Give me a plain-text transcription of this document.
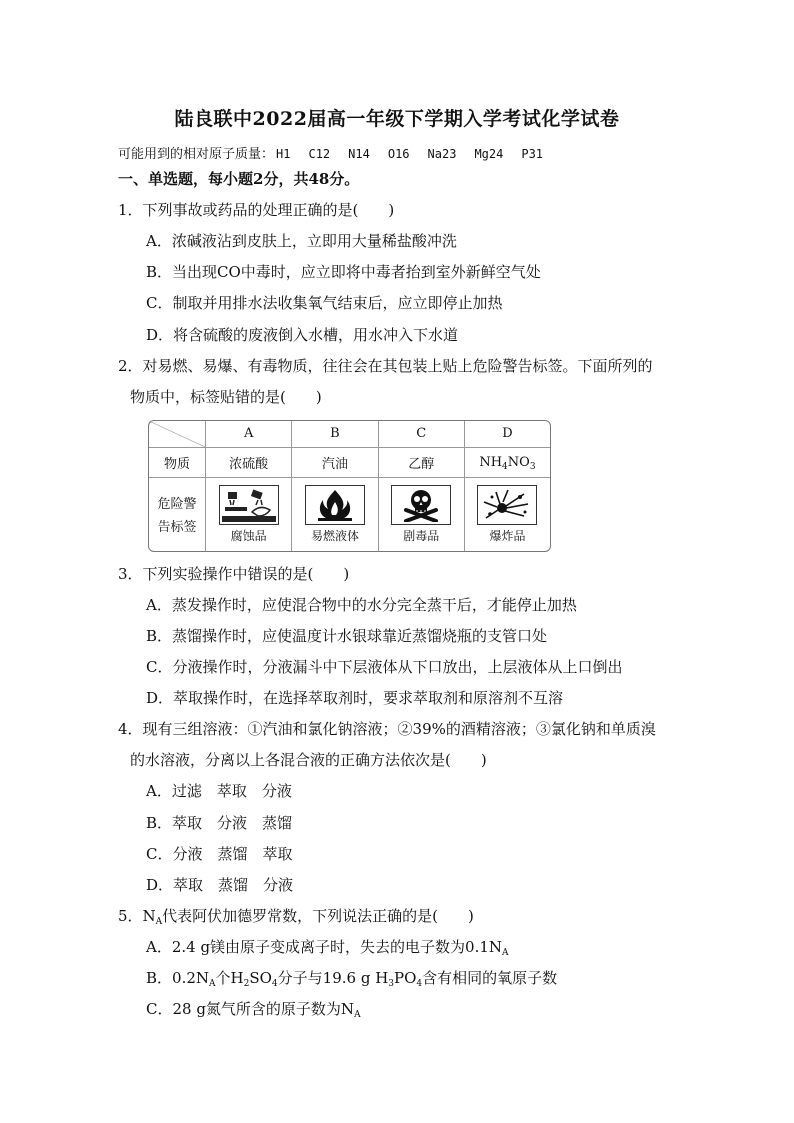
陆良联中2022届高一年级下学期入学考试化学试卷
可能用到的相对原子质量： H1 C12 N14 O16 Na23 Mg24 P31
一、单选题，每小题2分，共48分。
1．下列事故或药品的处理正确的是(　　)
A．浓碱液沾到皮肤上，立即用大量稀盐酸冲洗
B．当出现CO中毒时，应立即将中毒者抬到室外新鲜空气处
C．制取并用排水法收集氧气结束后，应立即停止加热
D．将含硫酸的废液倒入水槽，用水冲入下水道
2．对易燃、易爆、有毒物质，往往会在其包装上贴上危险警告标签。下面所列的
物质中，标签贴错的是(　　)
	A	B	C	D
物质	浓硫酸	汽油	乙醇	$NH_4NO_3$

危险警
告标签	腐蚀品	易燃液体	剧毒品	爆炸品
3．下列实验操作中错误的是(　　)
A．蒸发操作时，应使混合物中的水分完全蒸干后，才能停止加热
B．蒸馏操作时，应使温度计水银球靠近蒸馏烧瓶的支管口处
C．分液操作时，分液漏斗中下层液体从下口放出，上层液体从上口倒出
D．萃取操作时，在选择萃取剂时，要求萃取剂和原溶剂不互溶
4．现有三组溶液：①汽油和氯化钠溶液；②39%的酒精溶液；③氯化钠和单质溴
的水溶液，分离以上各混合液的正确方法依次是(　　)
A．过滤　萃取　分液
B．萃取　分液　蒸馏
C．分液　蒸馏　萃取
D．萃取　蒸馏　分液
5．$N_A$代表阿伏加德罗常数，下列说法正确的是(　　)
A．2.4 g镁由原子变成离子时，失去的电子数为$0.1N_A$
B．$0.2N_A$个$H_2SO_4$分子与19.6 g $H_3PO_4$含有相同的氧原子数
C．28 g氮气所含的原子数为$N_A$
